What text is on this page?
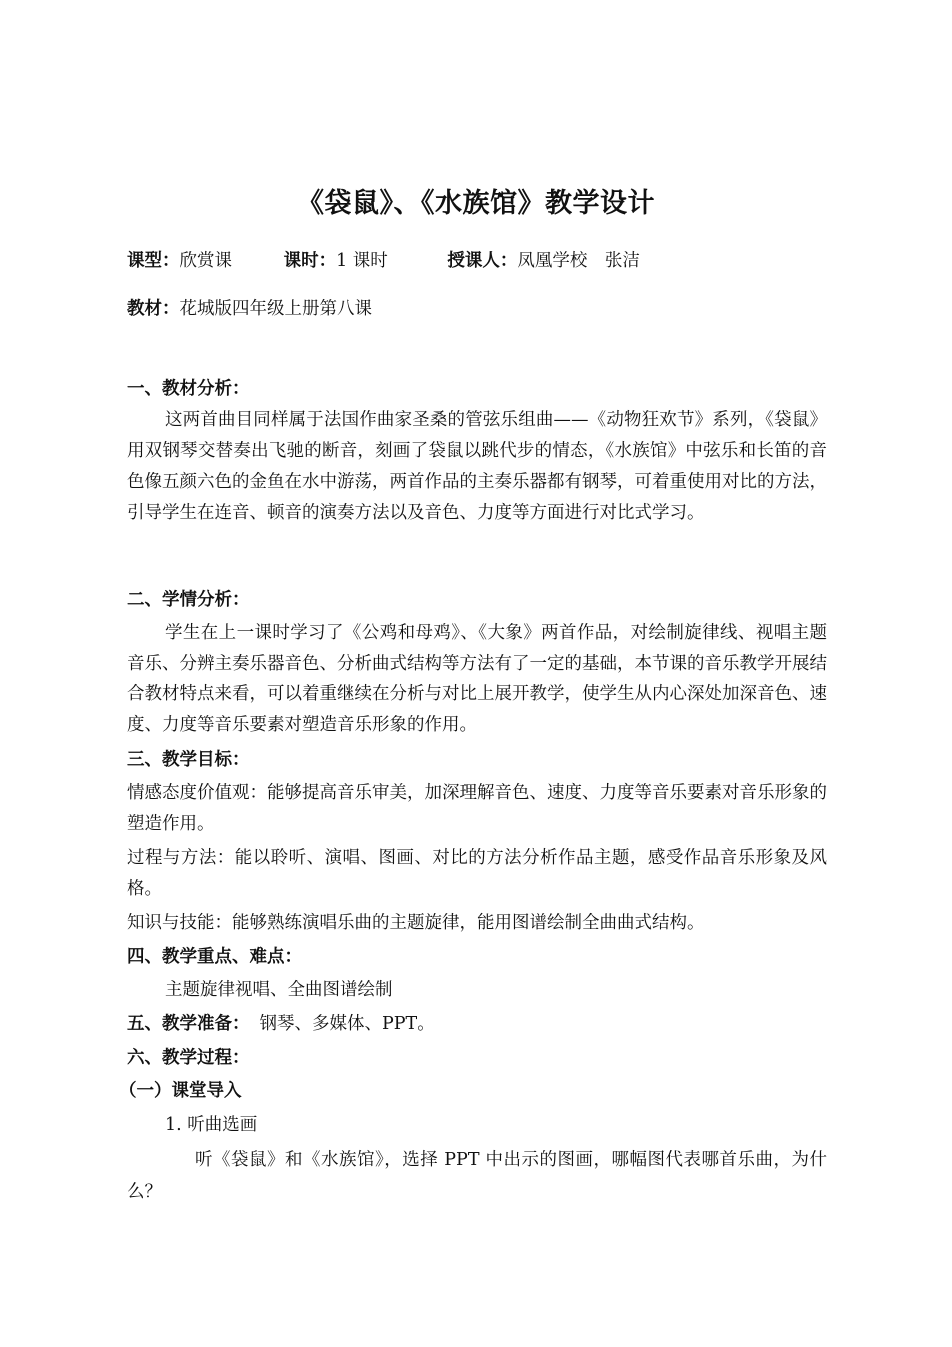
《袋鼠》、《水族馆》教学设计
课型：欣赏课	课时：1 课时	授课人：凤凰学校　张洁
教材：花城版四年级上册第八课
一、教材分析：

这两首曲目同样属于法国作曲家圣桑的管弦乐组曲——《动物狂欢节》系列，《袋鼠》用双钢琴交替奏出飞驰的断音，刻画了袋鼠以跳代步的情态，《水族馆》中弦乐和长笛的音色像五颜六色的金鱼在水中游荡，两首作品的主奏乐器都有钢琴，可着重使用对比的方法，引导学生在连音、顿音的演奏方法以及音色、力度等方面进行对比式学习。

二、学情分析：

学生在上一课时学习了《公鸡和母鸡》、《大象》两首作品，对绘制旋律线、视唱主题音乐、分辨主奏乐器音色、分析曲式结构等方法有了一定的基础，本节课的音乐教学开展结合教材特点来看，可以着重继续在分析与对比上展开教学，使学生从内心深处加深音色、速度、力度等音乐要素对塑造音乐形象的作用。

三、教学目标：

情感态度价值观：能够提高音乐审美，加深理解音色、速度、力度等音乐要素对音乐形象的塑造作用。

过程与方法：能以聆听、演唱、图画、对比的方法分析作品主题，感受作品音乐形象及风格。

知识与技能：能够熟练演唱乐曲的主题旋律，能用图谱绘制全曲曲式结构。
四、教学重点、难点：
主题旋律视唱、全曲图谱绘制
五、教学准备： 钢琴、多媒体、PPT。
六、教学过程：
（一）课堂导入
1. 听曲选画

听《袋鼠》和《水族馆》，选择 PPT 中出示的图画，哪幅图代表哪首乐曲，为什么？
